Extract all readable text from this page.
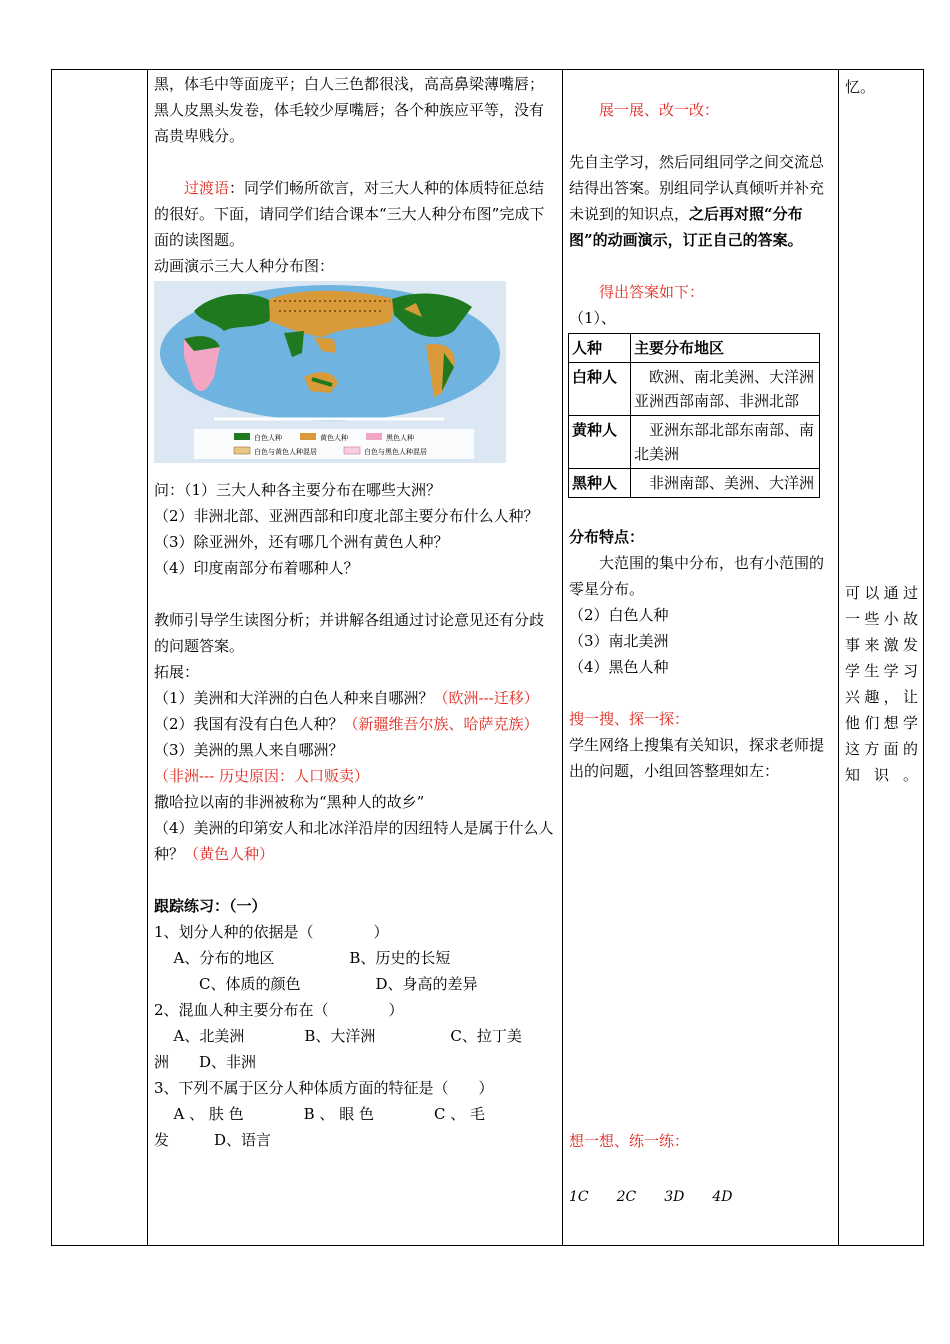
黑，体毛中等面庞平；白人三色都很浅，高高鼻梁薄嘴唇；黑人皮黑头发卷，体毛较少厚嘴唇；各个种族应平等，没有高贵卑贱分。

过渡语：同学们畅所欲言，对三大人种的体质特征总结的很好。下面，请同学们结合课本“三大人种分布图”完成下面的读图题。

动画演示三大人种分布图：

白色人种	黄色人种	黑色人种
白色与黄色人种混居	白色与黑色人种混居

问：（1）三大人种各主要分布在哪些大洲？

（2）非洲北部、亚洲西部和印度北部主要分布什么人种？

（3）除亚洲外，还有哪几个洲有黄色人种？

（4）印度南部分布着哪种人？

教师引导学生读图分析；并讲解各组通过讨论意见还有分歧的问题答案。

拓展：

（1）美洲和大洋洲的白色人种来自哪洲？（欧洲---迁移）

（2）我国有没有白色人种？（新疆维吾尔族、哈萨克族）

（3）美洲的黑人来自哪洲？（非洲--- 历史原因：人口贩卖）

撒哈拉以南的非洲被称为“黑种人的故乡”

（4）美洲的印第安人和北冰洋沿岸的因纽特人是属于什么人种？（黄色人种）

跟踪练习：（一）

1、划分人种的依据是（　　　　）

A、分布的地区　　　　　B、历史的长短

C、体质的颜色　　　　　D、身高的差异

2、混血人种主要分布在（　　　　）

A、北美洲　　　　B、大洋洲　　　　　C、拉丁美

洲　　D、非洲

3、下列不属于区分人种体质方面的特征是（　　）

A 、 肤 色　　　　B 、 眼 色　　　　C 、 毛

发　　　D、语言

展一展、改一改：

先自主学习，然后同组同学之间交流总结得出答案。别组同学认真倾听并补充未说到的知识点，之后再对照“分布图”的动画演示，订正自己的答案。

得出答案如下：

（1）、

人种	主要分布地区
白种人	欧洲、南北美洲、大洋洲
亚洲西部南部、非洲北部

黄种人	亚洲东部北部东南部、南北美洲

黑种人	非洲南部、美洲、大洋洲

分布特点：

大范围的集中分布，也有小范围的零星分布。

（2）白色人种

（3）南北美洲

（4）黑色人种

搜一搜、探一探：

学生网络上搜集有关知识，探求老师提出的问题，小组回答整理如左：

想一想、练一练：

1C 2C 3D 4D

忆。

可以通过一些小故事来激发学生学习兴趣，让他们想学这方面的知识。
